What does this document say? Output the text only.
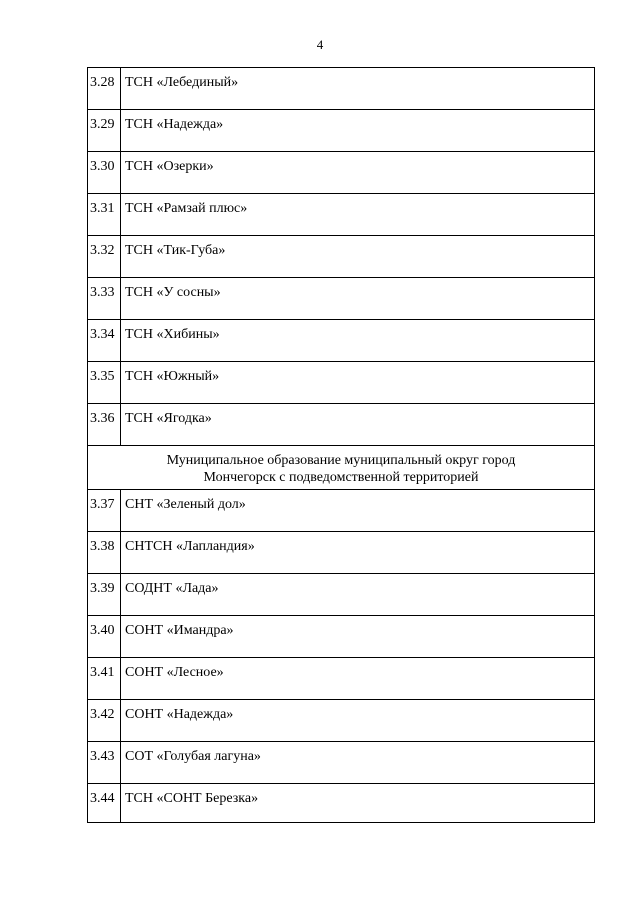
4
3.28	ТСН «Лебединый»
3.29	ТСН «Надежда»
3.30	ТСН «Озерки»
3.31	ТСН «Рамзай плюс»
3.32	ТСН «Тик-Губа»
3.33	ТСН «У сосны»
3.34	ТСН «Хибины»
3.35	ТСН «Южный»
3.36	ТСН «Ягодка»

Муниципальное образование муниципальный округ город
Мончегорск с подведомственной территорией	

3.37	СНТ «Зеленый дол»
3.38	СНТСН «Лапландия»
3.39	СОДНТ «Лада»
3.40	СОНТ «Имандра»
3.41	СОНТ «Лесное»
3.42	СОНТ «Надежда»
3.43	СОТ «Голубая лагуна»
3.44	ТСН «СОНТ Березка»
